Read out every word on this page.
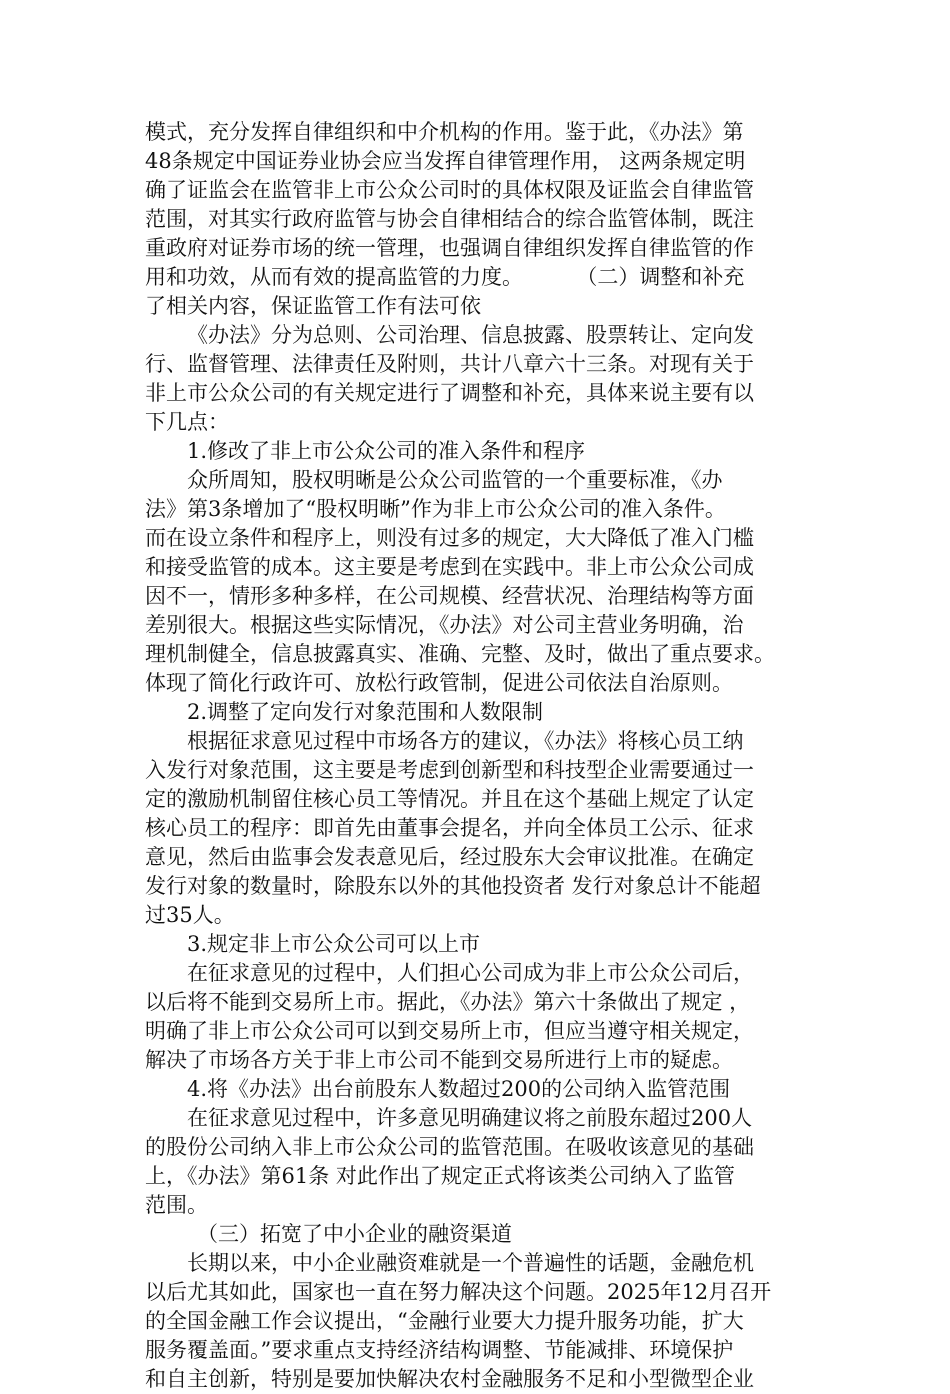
模式，充分发挥自律组织和中介机构的作用。鉴于此，《办法》第
48条规定中国证券业协会应当发挥自律管理作用， 这两条规定明
确了证监会在监管非上市公众公司时的具体权限及证监会自律监管
范围，对其实行政府监管与协会自律相结合的综合监管体制，既注
重政府对证券市场的统一管理，也强调自律组织发挥自律监管的作
用和功效，从而有效的提高监管的力度。        （二）调整和补充
了相关内容，保证监管工作有法可依
《办法》分为总则、公司治理、信息披露、股票转让、定向发
行、监督管理、法律责任及附则，共计八章六十三条。对现有关于
非上市公众公司的有关规定进行了调整和补充，具体来说主要有以
下几点：
1.修改了非上市公众公司的准入条件和程序
众所周知，股权明晰是公众公司监管的一个重要标准，《办
法》第3条增加了“股权明晰”作为非上市公众公司的准入条件。
而在设立条件和程序上，则没有过多的规定，大大降低了准入门槛
和接受监管的成本。这主要是考虑到在实践中。非上市公众公司成
因不一，情形多种多样，在公司规模、经营状况、治理结构等方面
差别很大。根据这些实际情况，《办法》对公司主营业务明确，治
理机制健全，信息披露真实、准确、完整、及时，做出了重点要求。
体现了简化行政许可、放松行政管制，促进公司依法自治原则。
2.调整了定向发行对象范围和人数限制
根据征求意见过程中市场各方的建议，《办法》将核心员工纳
入发行对象范围，这主要是考虑到创新型和科技型企业需要通过一
定的激励机制留住核心员工等情况。并且在这个基础上规定了认定
核心员工的程序：即首先由董事会提名，并向全体员工公示、征求
意见，然后由监事会发表意见后，经过股东大会审议批准。在确定
发行对象的数量时，除股东以外的其他投资者 发行对象总计不能超
过35人。
3.规定非上市公众公司可以上市
在征求意见的过程中，人们担心公司成为非上市公众公司后，
以后将不能到交易所上市。据此，《办法》第六十条做出了规定 ，
明确了非上市公众公司可以到交易所上市，但应当遵守相关规定，
解决了市场各方关于非上市公司不能到交易所进行上市的疑虑。
4.将《办法》出台前股东人数超过200的公司纳入监管范围
在征求意见过程中，许多意见明确建议将之前股东超过200人
的股份公司纳入非上市公众公司的监管范围。在吸收该意见的基础
上，《办法》第61条 对此作出了规定正式将该类公司纳入了监管
范围。
（三）拓宽了中小企业的融资渠道
长期以来，中小企业融资难就是一个普遍性的话题，金融危机
以后尤其如此，国家也一直在努力解决这个问题。2025年12月召开
的全国金融工作会议提出，“金融行业要大力提升服务功能，扩大
服务覆盖面。”要求重点支持经济结构调整、节能减排、环境保护
和自主创新，特别是要加快解决农村金融服务不足和小型微型企业
